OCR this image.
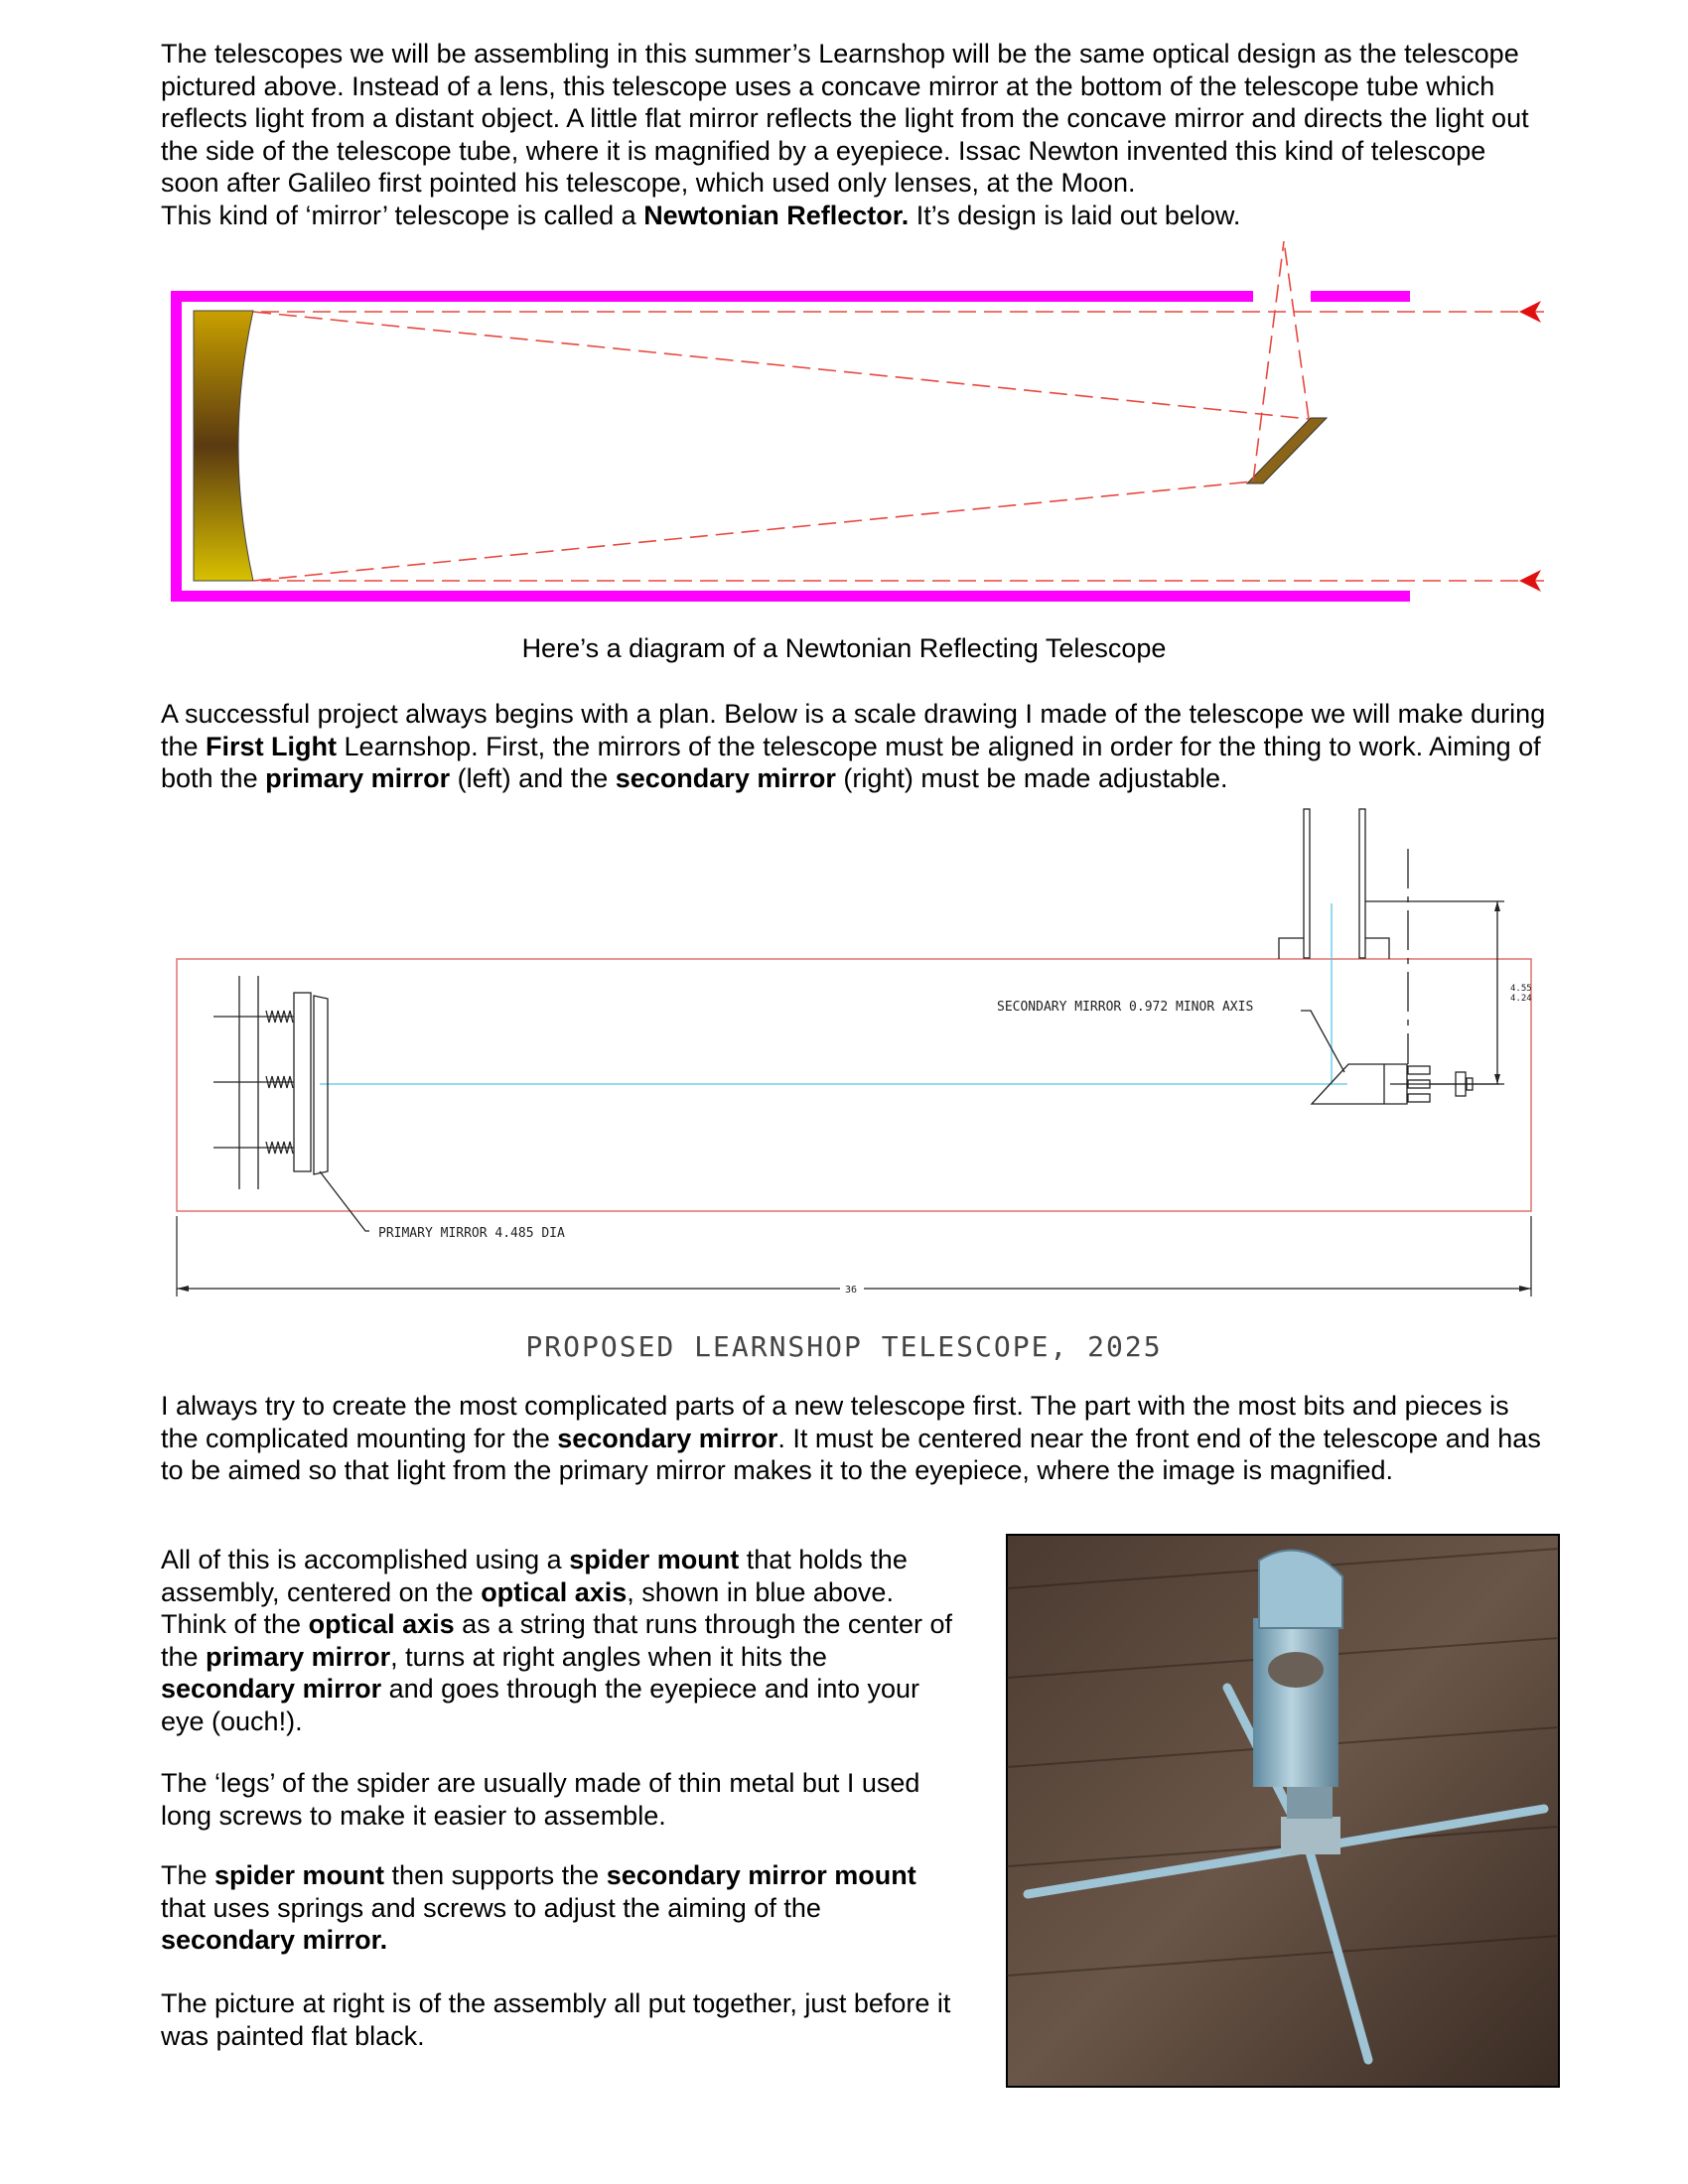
The telescopes we will be assembling in this summer’s Learnshop will be the same optical design as the telescope pictured above. Instead of a lens, this telescope uses a concave mirror at the bottom of the telescope tube which reflects light from a distant object. A little flat mirror reflects the light from the concave mirror and directs the light out the side of the telescope tube, where it is magnified by a eyepiece. Issac Newton invented this kind of telescope soon after Galileo first pointed his telescope, which used only lenses, at the Moon.
This kind of ‘mirror’ telescope is called a Newtonian Reflector. It’s design is laid out below.

Here’s a diagram of a Newtonian Reflecting Telescope

A successful project always begins with a plan. Below is a scale drawing I made of the telescope we will make during the First Light Learnshop. First, the mirrors of the telescope must be aligned in order for the thing to work. Aiming of both the primary mirror (left) and the secondary mirror (right) must be made adjustable.

SECONDARY MIRROR 0.972 MINOR AXIS
PRIMARY MIRROR 4.485 DIA
4.55
4.24
36
PROPOSED LEARNSHOP TELESCOPE, 2025

I always try to create the most complicated parts of a new telescope first. The part with the most bits and pieces is the complicated mounting for the secondary mirror. It must be centered near the front end of the telescope and has to be aimed so that light from the primary mirror makes it to the eyepiece, where the image is magnified.

All of this is accomplished using a spider mount that holds the assembly, centered on the optical axis, shown in blue above. Think of the optical axis as a string that runs through the center of the primary mirror, turns at right angles when it hits the secondary mirror and goes through the eyepiece and into your eye (ouch!).

The ‘legs’ of the spider are usually made of thin metal but I used long screws to make it easier to assemble.

The spider mount then supports the secondary mirror mount that uses springs and screws to adjust the aiming of the secondary mirror.

The picture at right is of the assembly all put together, just before it was painted flat black.
